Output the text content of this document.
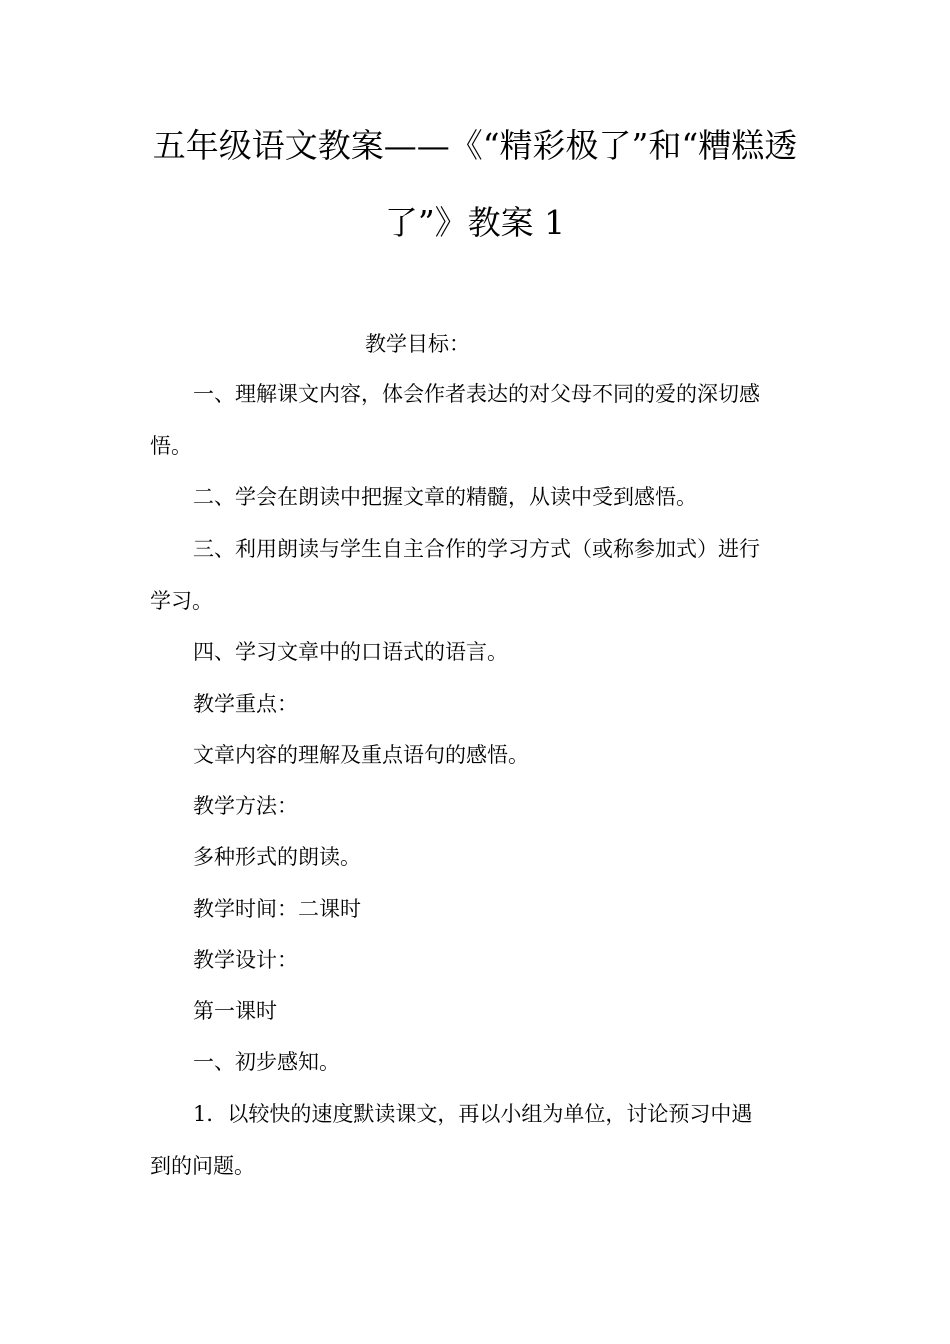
五年级语文教案——《“精彩极了”和“糟糕透
了”》教案 1

教学目标：

一、理解课文内容，体会作者表达的对父母不同的爱的深切感

悟。

二、学会在朗读中把握文章的精髓，从读中受到感悟。

三、利用朗读与学生自主合作的学习方式（或称参加式）进行

学习。

四、学习文章中的口语式的语言。

教学重点：

文章内容的理解及重点语句的感悟。

教学方法：

多种形式的朗读。

教学时间：二课时

教学设计：

第一课时

一、初步感知。

1．以较快的速度默读课文，再以小组为单位，讨论预习中遇

到的问题。
